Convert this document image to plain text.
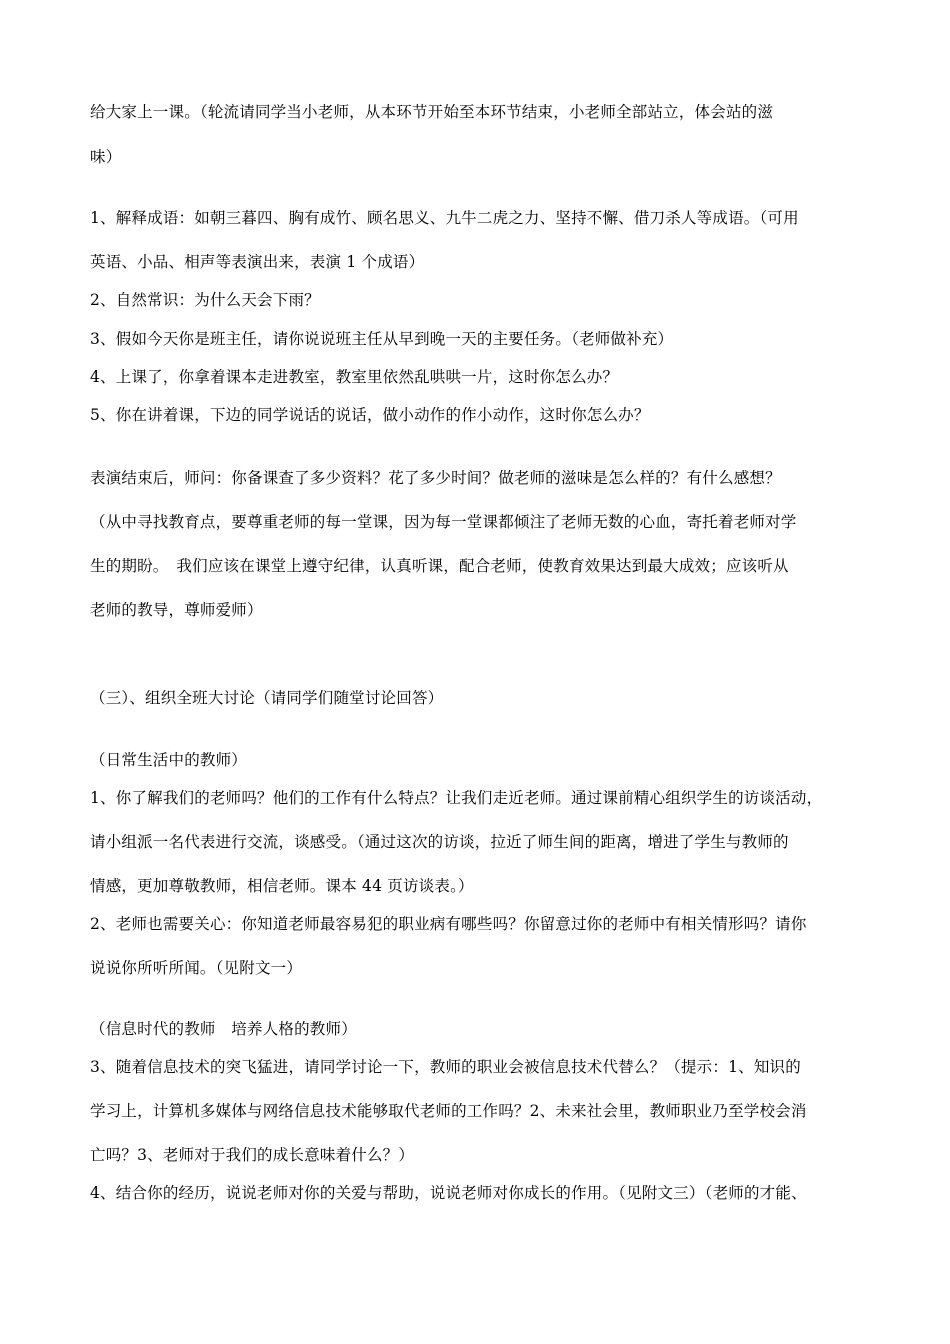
给大家上一课。（轮流请同学当小老师，从本环节开始至本环节结束，小老师全部站立，体会站的滋
味）
1、解释成语：如朝三暮四、胸有成竹、顾名思义、九牛二虎之力、坚持不懈、借刀杀人等成语。（可用
英语、小品、相声等表演出来，表演 1 个成语）
2、自然常识：为什么天会下雨？
3、假如今天你是班主任，请你说说班主任从早到晚一天的主要任务。（老师做补充）
4、上课了，你拿着课本走进教室，教室里依然乱哄哄一片，这时你怎么办？
5、你在讲着课，下边的同学说话的说话，做小动作的作小动作，这时你怎么办？
表演结束后，师问：你备课查了多少资料？花了多少时间？做老师的滋味是怎么样的？有什么感想？
（从中寻找教育点，要尊重老师的每一堂课，因为每一堂课都倾注了老师无数的心血，寄托着老师对学
生的期盼。　我们应该在课堂上遵守纪律，认真听课，配合老师，使教育效果达到最大成效；应该听从
老师的教导，尊师爱师）
（三）、组织全班大讨论（请同学们随堂讨论回答）
（日常生活中的教师）
1、你了解我们的老师吗？他们的工作有什么特点？让我们走近老师。通过课前精心组织学生的访谈活动，
请小组派一名代表进行交流，谈感受。（通过这次的访谈，拉近了师生间的距离，增进了学生与教师的
情感，更加尊敬教师，相信老师。课本 44 页访谈表。）
2、老师也需要关心：你知道老师最容易犯的职业病有哪些吗？你留意过你的老师中有相关情形吗？请你
说说你所听所闻。（见附文一）
（信息时代的教师　培养人格的教师）
3、随着信息技术的突飞猛进，请同学讨论一下，教师的职业会被信息技术代替么？（提示：1、知识的
学习上，计算机多媒体与网络信息技术能够取代老师的工作吗？2、未来社会里，教师职业乃至学校会消
亡吗？3、老师对于我们的成长意味着什么？）
4、结合你的经历，说说老师对你的关爱与帮助，说说老师对你成长的作用。（见附文三）（老师的才能、
